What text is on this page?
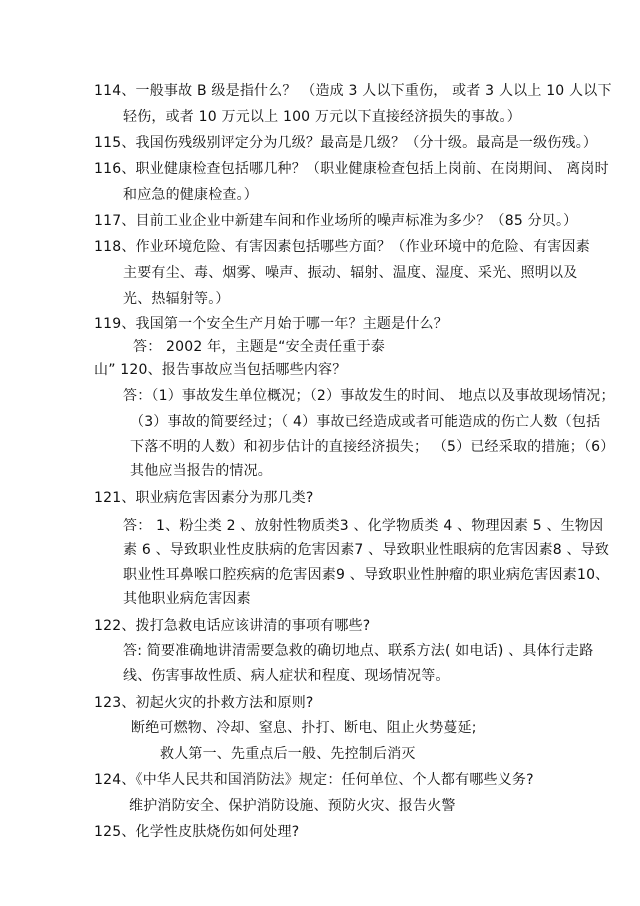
114、一般事故 B 级是指什么？ （造成 3 人以下重伤， 或者 3 人以上 10 人以下
轻伤，或者 10 万元以上 100 万元以下直接经济损失的事故。）
115、我国伤残级别评定分为几级？最高是几级？（分十级。最高是一级伤残。）
116、职业健康检查包括哪几种？（职业健康检查包括上岗前、在岗期间、 离岗时
和应急的健康检查。）
117、目前工业企业中新建车间和作业场所的噪声标准为多少？（85 分贝。）
118、作业环境危险、有害因素包括哪些方面？（作业环境中的危险、有害因素
主要有尘、毒、烟雾、噪声、振动、辐射、温度、湿度、采光、照明以及
光、热辐射等。）
119、我国第一个安全生产月始于哪一年？主题是什么？
答： 2002 年，主题是“安全责任重于泰
山” 120、报告事故应当包括哪些内容？
答：（1）事故发生单位概况；（2）事故发生的时间、 地点以及事故现场情况；
（3）事故的简要经过；（ 4）事故已经造成或者可能造成的伤亡人数（包括
下落不明的人数）和初步估计的直接经济损失； （5）已经采取的措施；（6）
其他应当报告的情况。
121、职业病危害因素分为那几类?
答： 1、粉尘类 2 、放射性物质类3 、化学物质类 4 、物理因素 5 、生物因
素 6 、导致职业性皮肤病的危害因素7 、导致职业性眼病的危害因素8 、导致
职业性耳鼻喉口腔疾病的危害因素9 、导致职业性肿瘤的职业病危害因素10、
其他职业病危害因素
122、拨打急救电话应该讲清的事项有哪些?
答: 简要准确地讲清需要急救的确切地点、联系方法( 如电话) 、具体行走路
线、伤害事故性质、病人症状和程度、现场情况等。
123、初起火灾的扑救方法和原则?
断绝可燃物、冷却、窒息、扑打、断电、阻止火势蔓延;
救人第一、先重点后一般、先控制后消灭
124、《中华人民共和国消防法》规定：任何单位、个人都有哪些义务?
维护消防安全、保护消防设施、预防火灾、报告火警
125、化学性皮肤烧伤如何处理?
